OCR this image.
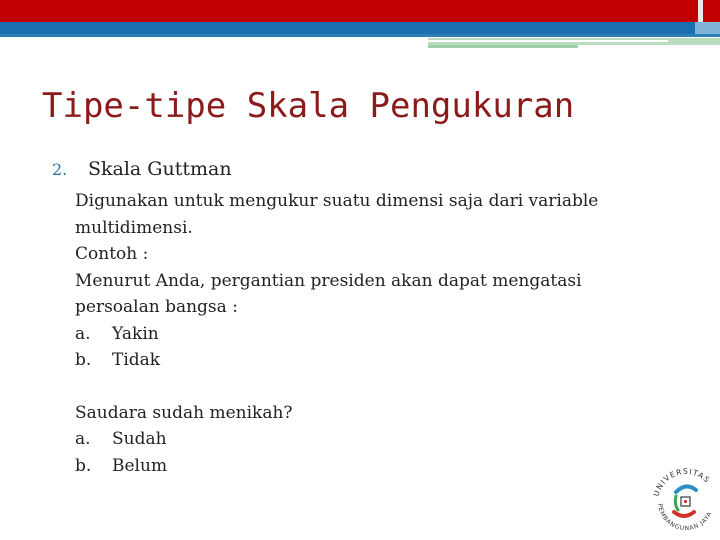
Tipe-tipe Skala Pengukuran
2.	Skala Guttman
Digunakan untuk mengukur suatu dimensi saja dari variable
multidimensi.
Contoh :
Menurut Anda, pergantian presiden akan dapat mengatasi
persoalan bangsa :
a.	Yakin
b.	Tidak
Saudara sudah menikah?
a.	Sudah
b.	Belum
UNIVERSITAS
PEMBANGUNAN JAYA
